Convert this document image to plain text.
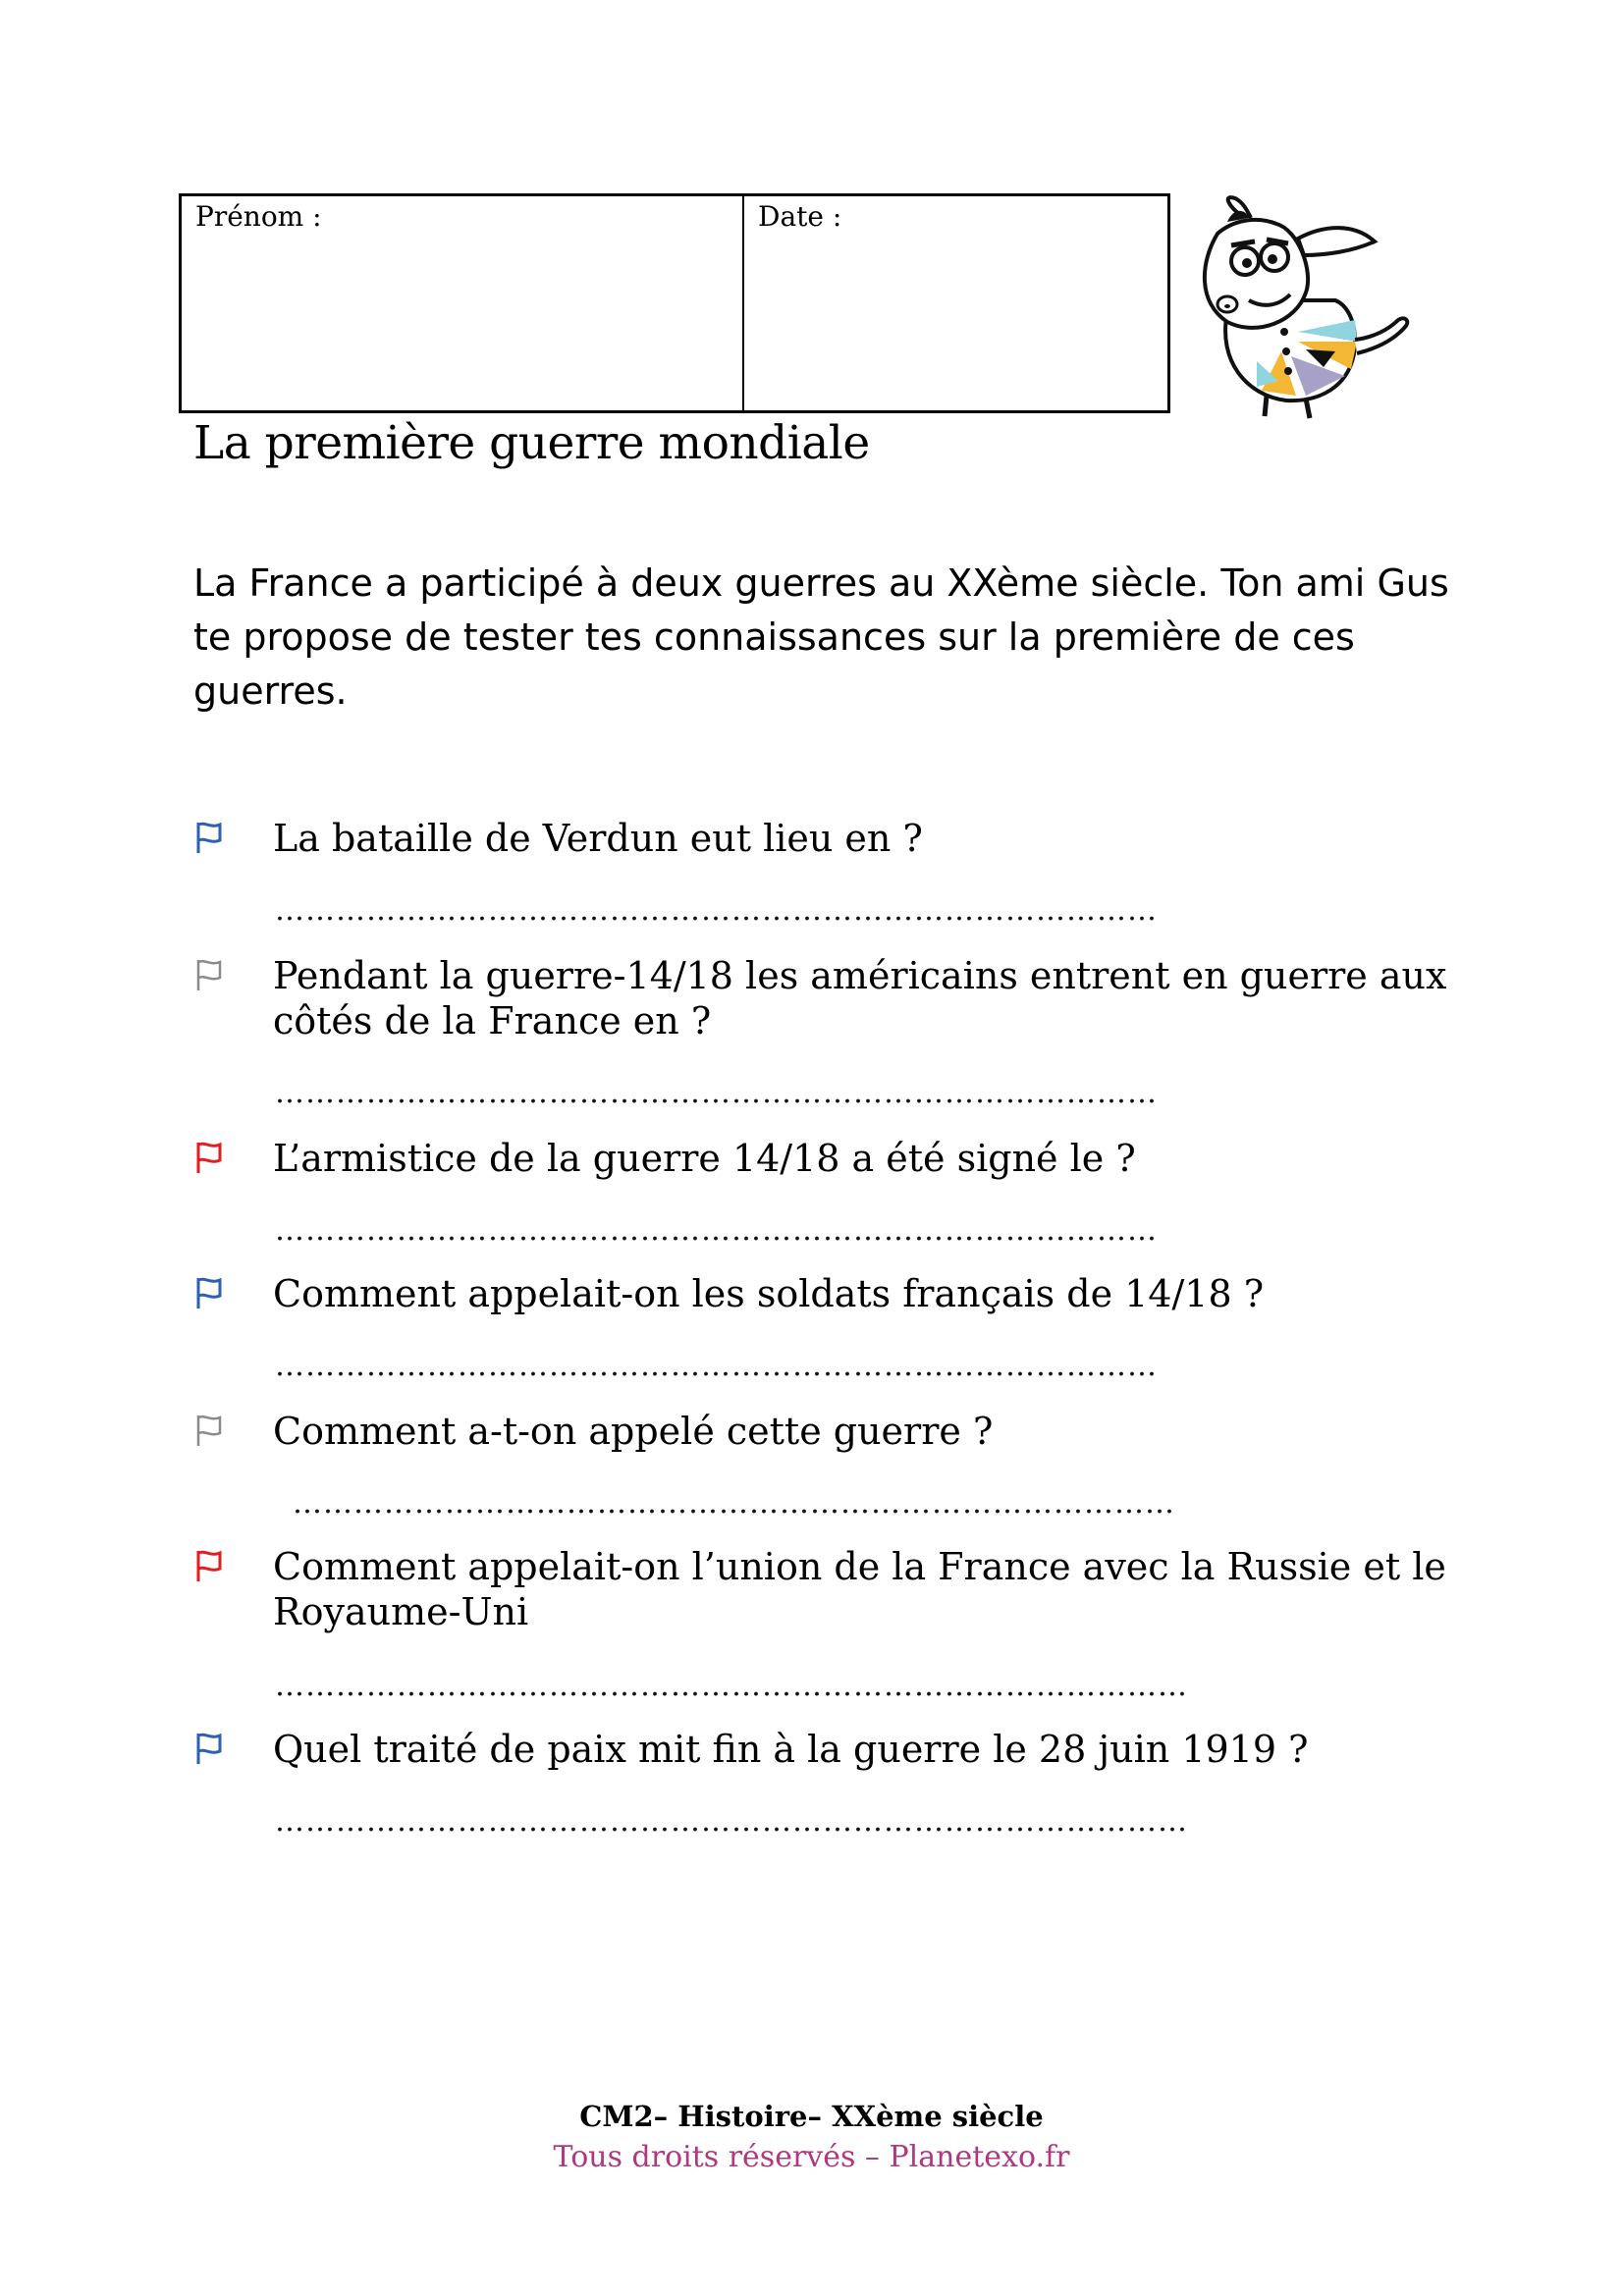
Prénom :	Date :
La première guerre mondiale
La France a participé à deux guerres au XXème siècle. Ton ami Gus
te propose de tester tes connaissances sur la première de ces
guerres.
La bataille de Verdun eut lieu en ?
……………………………………………………………………………
Pendant la guerre-14/18 les américains entrent en guerre aux
côtés de la France en ?
……………………………………………………………………………
L’armistice de la guerre 14/18 a été signé le ?
……………………………………………………………………………
Comment appelait-on les soldats français de 14/18 ?
……………………………………………………………………………
Comment a-t-on appelé cette guerre ?
……………………………………………………………………………
Comment appelait-on l’union de la France avec la Russie et le
Royaume-Uni
………………………………………………………………………………
Quel traité de paix mit fin à la guerre le 28 juin 1919 ?
………………………………………………………………………………
CM2– Histoire– XXème siècle
Tous droits réservés – Planetexo.fr
